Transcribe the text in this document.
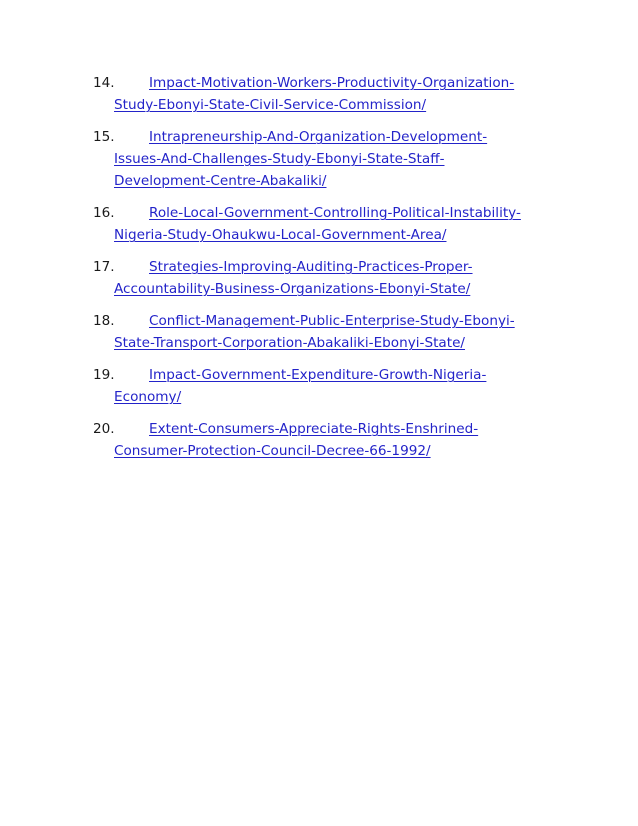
14.	Impact-Motivation-Workers-Productivity-Organization-
Study-Ebonyi-State-Civil-Service-Commission/
15.	Intrapreneurship-And-Organization-Development-
Issues-And-Challenges-Study-Ebonyi-State-Staff-
Development-Centre-Abakaliki/
16.	Role-Local-Government-Controlling-Political-Instability-
Nigeria-Study-Ohaukwu-Local-Government-Area/
17.	Strategies-Improving-Auditing-Practices-Proper-
Accountability-Business-Organizations-Ebonyi-State/
18.	Conflict-Management-Public-Enterprise-Study-Ebonyi-
State-Transport-Corporation-Abakaliki-Ebonyi-State/
19.	Impact-Government-Expenditure-Growth-Nigeria-
Economy/
20.	Extent-Consumers-Appreciate-Rights-Enshrined-
Consumer-Protection-Council-Decree-66-1992/
